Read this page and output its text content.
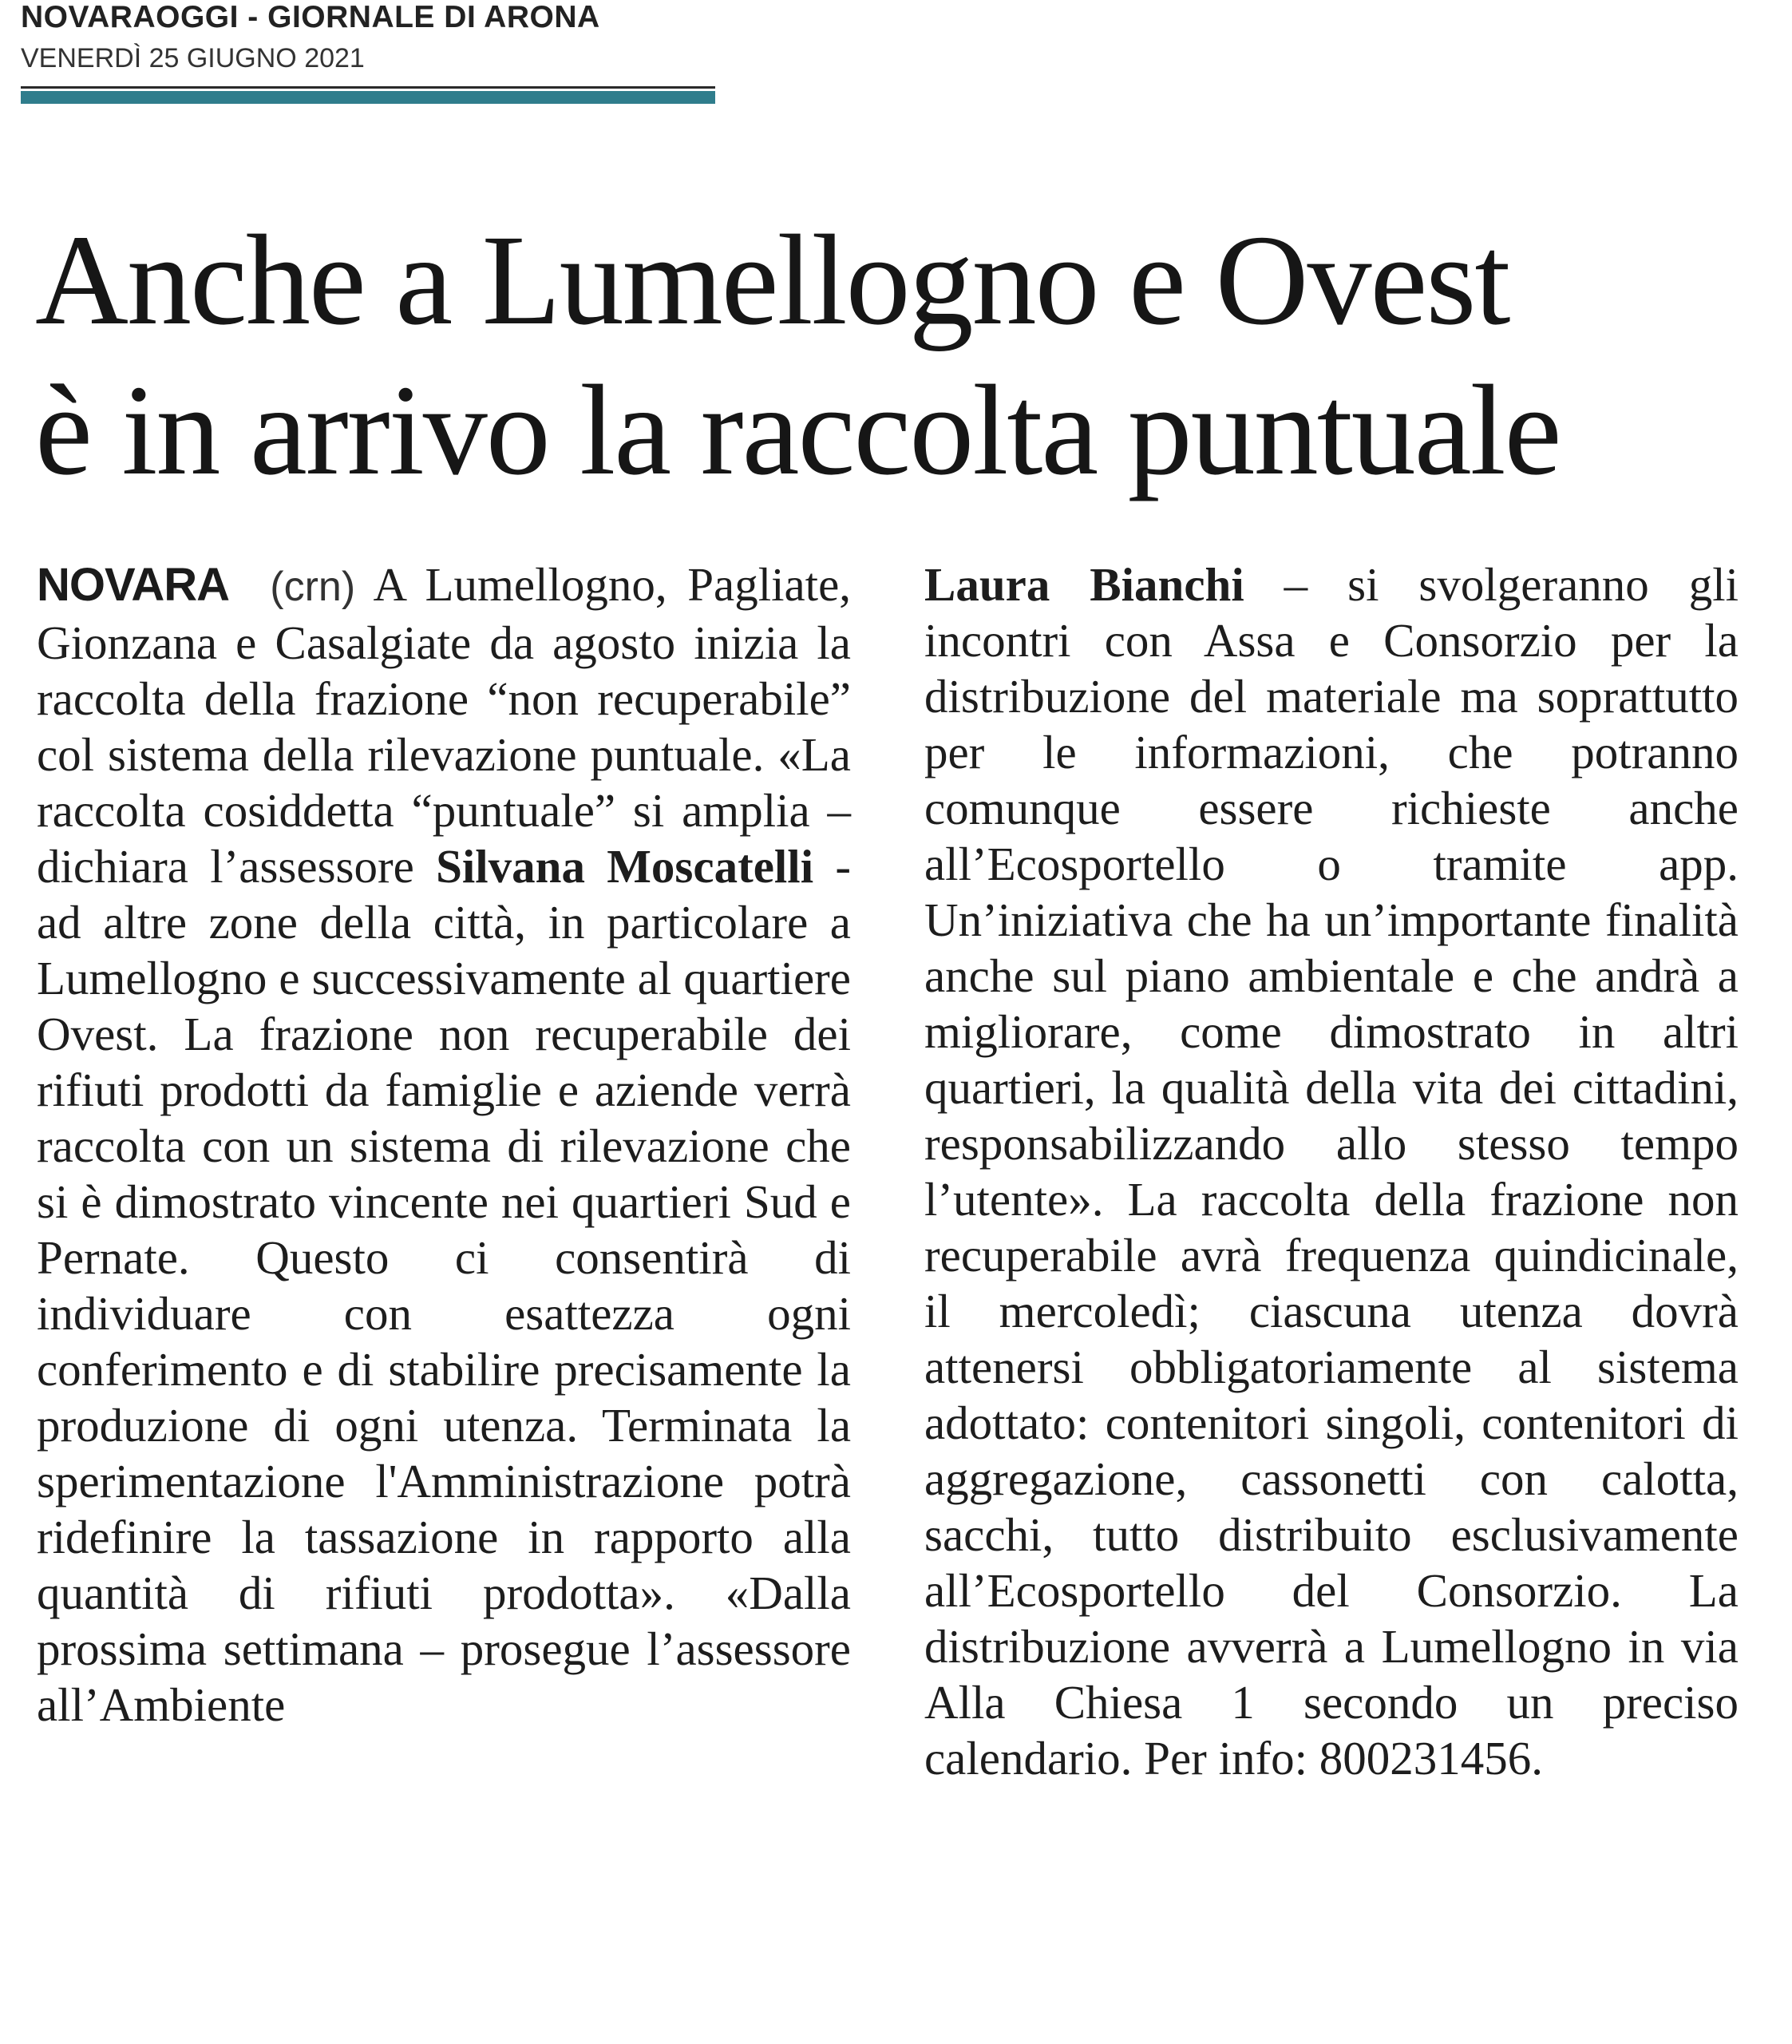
NOVARAOGGI - GIORNALE DI ARONA
VENERDÌ 25 GIUGNO 2021
Anche a Lumellogno e Ovest
è in arrivo la raccolta puntuale

NOVARA (crn) A Lumellogno, Pagliate, Gionzana e Casalgiate da agosto inizia la raccolta della frazione “non recuperabile” col sistema della rilevazione puntuale. «La raccolta cosiddetta “puntuale” si amplia – dichiara l’assessore Silvana Moscatelli - ad altre zone della città, in particolare a Lumellogno e successivamente al quartiere Ovest. La frazione non recuperabile dei rifiuti prodotti da famiglie e aziende verrà raccolta con un sistema di rilevazione che si è dimostrato vincente nei quartieri Sud e Pernate. Questo ci consentirà di individuare con esattezza ogni conferimento e di stabilire precisamente la produzione di ogni utenza. Terminata la sperimentazione l'Amministrazione potrà ridefinire la tassazione in rapporto alla quantità di rifiuti prodotta». «Dalla prossima settimana – prosegue l’assessore all’Ambiente

Laura Bianchi – si svolgeranno gli incontri con Assa e Consorzio per la distribuzione del materiale ma soprattutto per le informazioni, che potranno comunque essere richieste anche all’Ecosportello o tramite app. Un’iniziativa che ha un’importante finalità anche sul piano ambientale e che andrà a migliorare, come dimostrato in altri quartieri, la qualità della vita dei cittadini, responsabilizzando allo stesso tempo l’utente». La raccolta della frazione non recuperabile avrà frequenza quindicinale, il mercoledì; ciascuna utenza dovrà attenersi obbligatoriamente al sistema adottato: contenitori singoli, contenitori di aggregazione, cassonetti con calotta, sacchi, tutto distribuito esclusivamente all’Ecosportello del Consorzio. La distribuzione avverrà a Lumellogno in via Alla Chiesa 1 secondo un preciso calendario. Per info: 800231456.
